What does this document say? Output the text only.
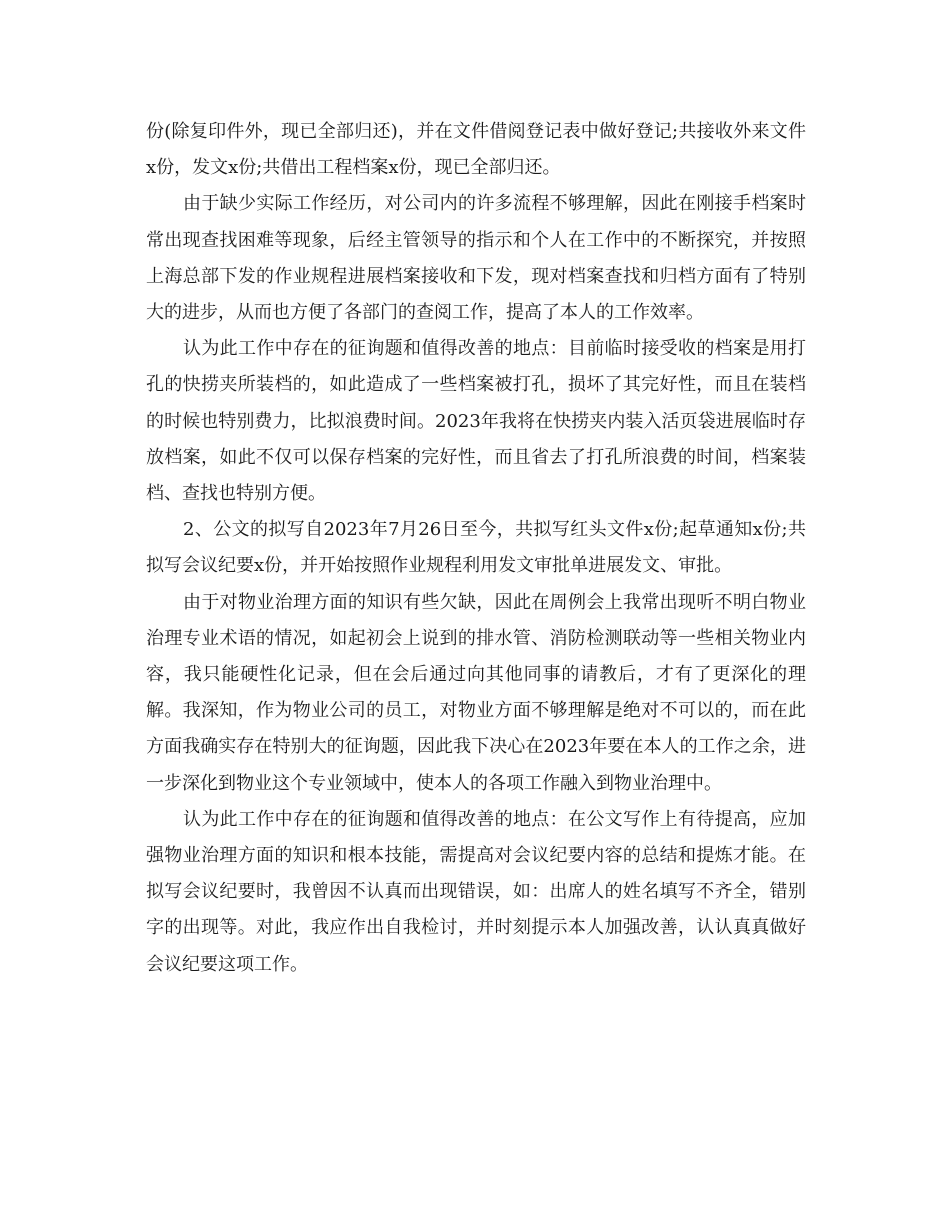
份(除复印件外，现已全部归还)，并在文件借阅登记表中做好登记;共接收外来文件x份，发文x份;共借出工程档案x份，现已全部归还。

由于缺少实际工作经历，对公司内的许多流程不够理解，因此在刚接手档案时常出现查找困难等现象，后经主管领导的指示和个人在工作中的不断探究，并按照上海总部下发的作业规程进展档案接收和下发，现对档案查找和归档方面有了特别大的进步，从而也方便了各部门的查阅工作，提高了本人的工作效率。

认为此工作中存在的征询题和值得改善的地点：目前临时接受收的档案是用打孔的快捞夹所装档的，如此造成了一些档案被打孔，损坏了其完好性，而且在装档的时候也特别费力，比拟浪费时间。2023年我将在快捞夹内装入活页袋进展临时存放档案，如此不仅可以保存档案的完好性，而且省去了打孔所浪费的时间，档案装档、查找也特别方便。

2、公文的拟写自2023年7月26日至今，共拟写红头文件x份;起草通知x份;共拟写会议纪要x份，并开始按照作业规程利用发文审批单进展发文、审批。

由于对物业治理方面的知识有些欠缺，因此在周例会上我常出现听不明白物业治理专业术语的情况，如起初会上说到的排水管、消防检测联动等一些相关物业内容，我只能硬性化记录，但在会后通过向其他同事的请教后，才有了更深化的理解。我深知，作为物业公司的员工，对物业方面不够理解是绝对不可以的，而在此方面我确实存在特别大的征询题，因此我下决心在2023年要在本人的工作之余，进一步深化到物业这个专业领域中，使本人的各项工作融入到物业治理中。

认为此工作中存在的征询题和值得改善的地点：在公文写作上有待提高，应加强物业治理方面的知识和根本技能，需提高对会议纪要内容的总结和提炼才能。在拟写会议纪要时，我曾因不认真而出现错误，如：出席人的姓名填写不齐全，错别字的出现等。对此，我应作出自我检讨，并时刻提示本人加强改善，认认真真做好会议纪要这项工作。
